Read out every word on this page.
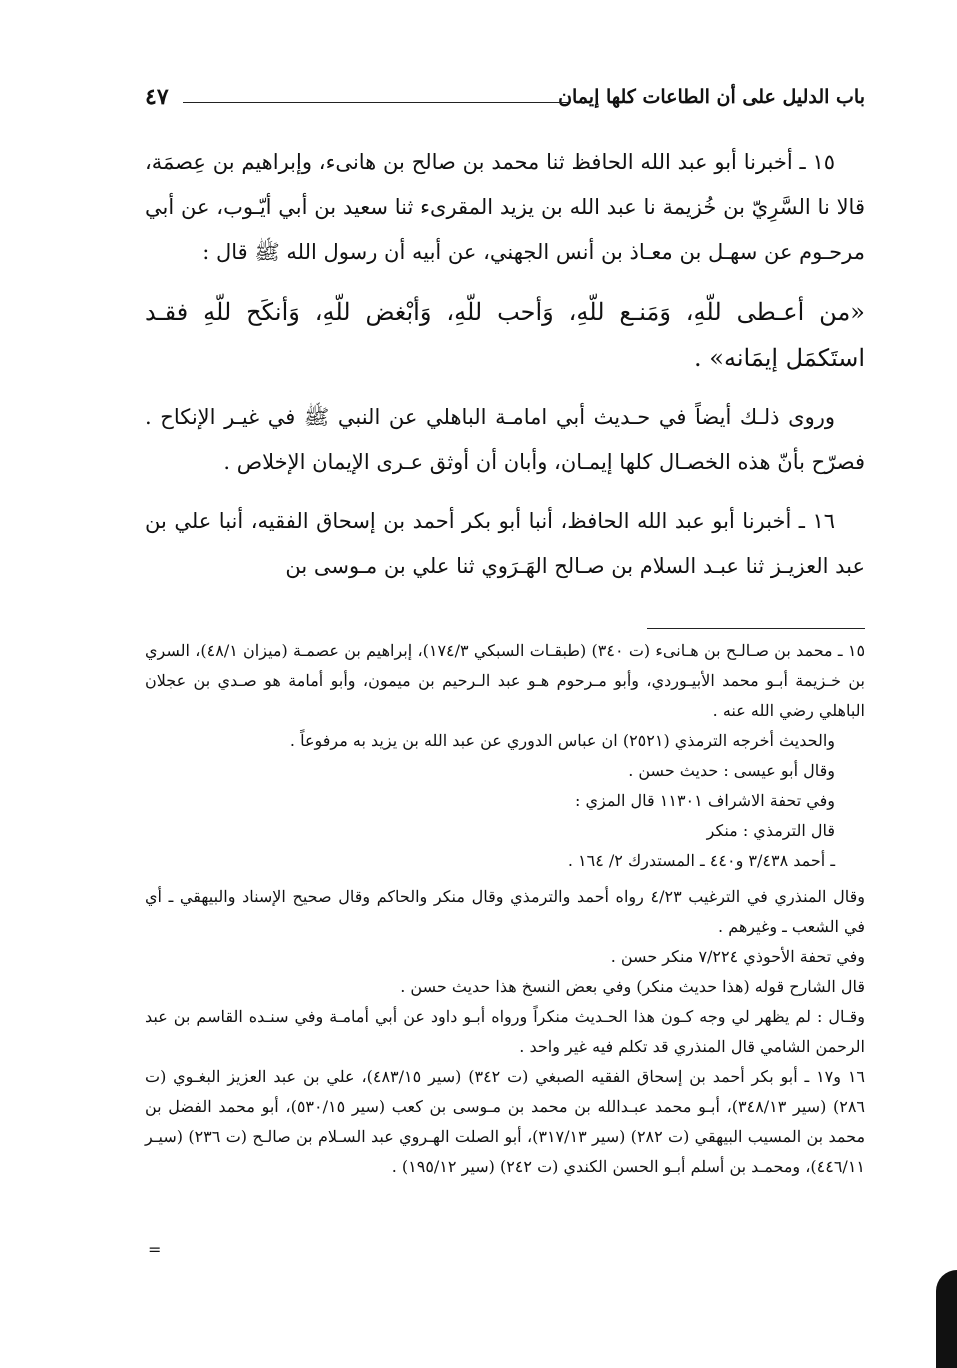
باب الدليل على أن الطاعات كلها إيمان
٤٧

١٥ ـ أخبرنا أبو عبد الله الحافظ ثنا محمد بن صالح بن هانىء، وإبراهيم بن عِصمَة، قالا نا السَّرِيّ بن خُزيمة نا عبد الله بن يزيد المقرىء ثنا سعيد بن أبي أيّـوب، عن أبي مرحـوم عن سهـل بن معـاذ بن أنس الجهني، عن أبيه أن رسول الله ﷺ قال :

«من أعـطى للّهِ، وَمَنـع للّهِ، وَأحب للّهِ، وَأبْغض للّهِ، وَأنكَح للّهِ فقـد استَكمَل إيمَانه» .

وروى ذلـك أيضاً في حـديث أبي امامـة الباهلي عن النبي ﷺ في غيـر الإنكاح . فصرّح بأنّ هذه الخصـال كلها إيمـان، وأبان أن أوثق عـرى الإيمان الإخلاص .

١٦ ـ أخبرنا أبو عبد الله الحافظ، أنبا أبو بكر أحمد بن إسحاق الفقيه، أنبا علي بن عبد العزيـز ثنا عبـد السلام بن صـالح الهَـرَوي ثنا علي بن مـوسى بن

١٥ ـ محمد بن صـالـح بن هـانىء (ت ٣٤٠) (طبقـات السبكي ١٧٤/٣)، إبراهيم بن عصمـة (ميزان ٤٨/١)، السري بن خـزيمة أبـو محمد الأبيـوردي، وأبو مـرحوم هـو عبد الـرحيم بن ميمون، وأبو أمامة هو صـدي بن عجلان الباهلي رضي الله عنه .

والحديث أخرجه الترمذي (٢٥٢١) ان عباس الدوري عن عبد الله بن يزيد به مرفوعاً .

وقال أبو عيسى : حديث حسن .

وفي تحفة الاشراف ١١٣٠١ قال المزي :

قال الترمذي : منكر

ـ أحمد ٣/٤٣٨ و٤٤٠ ـ المستدرك ٢/ ١٦٤ .

وقال المنذري في الترغيب ٤/٢٣ رواه أحمد والترمذي وقال منكر والحاكم وقال صحيح الإسناد والبيهقي ـ أي في الشعب ـ وغيرهم .

وفي تحفة الأحوذي ٧/٢٢٤ منكر حسن .

قال الشارح قوله (هذا حديث منكر) وفي بعض النسخ هذا حديث حسن .

وقـال : لم يظهر لي وجه كـون هذا الحـديث منكراً ورواه أبـو داود عن أبي أمامـة وفي سنـده القاسم بن عبد الرحمن الشامي قال المنذري قد تكلم فيه غير واحد .

١٦ و١٧ ـ أبو بكر أحمد بن إسحاق الفقيه الصبغي (ت ٣٤٢) (سير ٤٨٣/١٥)، علي بن عبد العزيز البغـوي (ت ٢٨٦) (سير ٣٤٨/١٣)، أبـو محمد عبـدالله بن محمد بن مـوسى بن كعب (سير ٥٣٠/١٥)، أبو محمد الفضل بن محمد بن المسيب البيهقي (ت ٢٨٢) (سير ٣١٧/١٣)، أبو الصلت الهـروي عبد السـلام بن صالـح (ت ٢٣٦) (سيـر ٤٤٦/١١)، ومحمـد بن أسلم أبـو الحسن الكندي (ت ٢٤٢) (سير ١٩٥/١٢) .

=
